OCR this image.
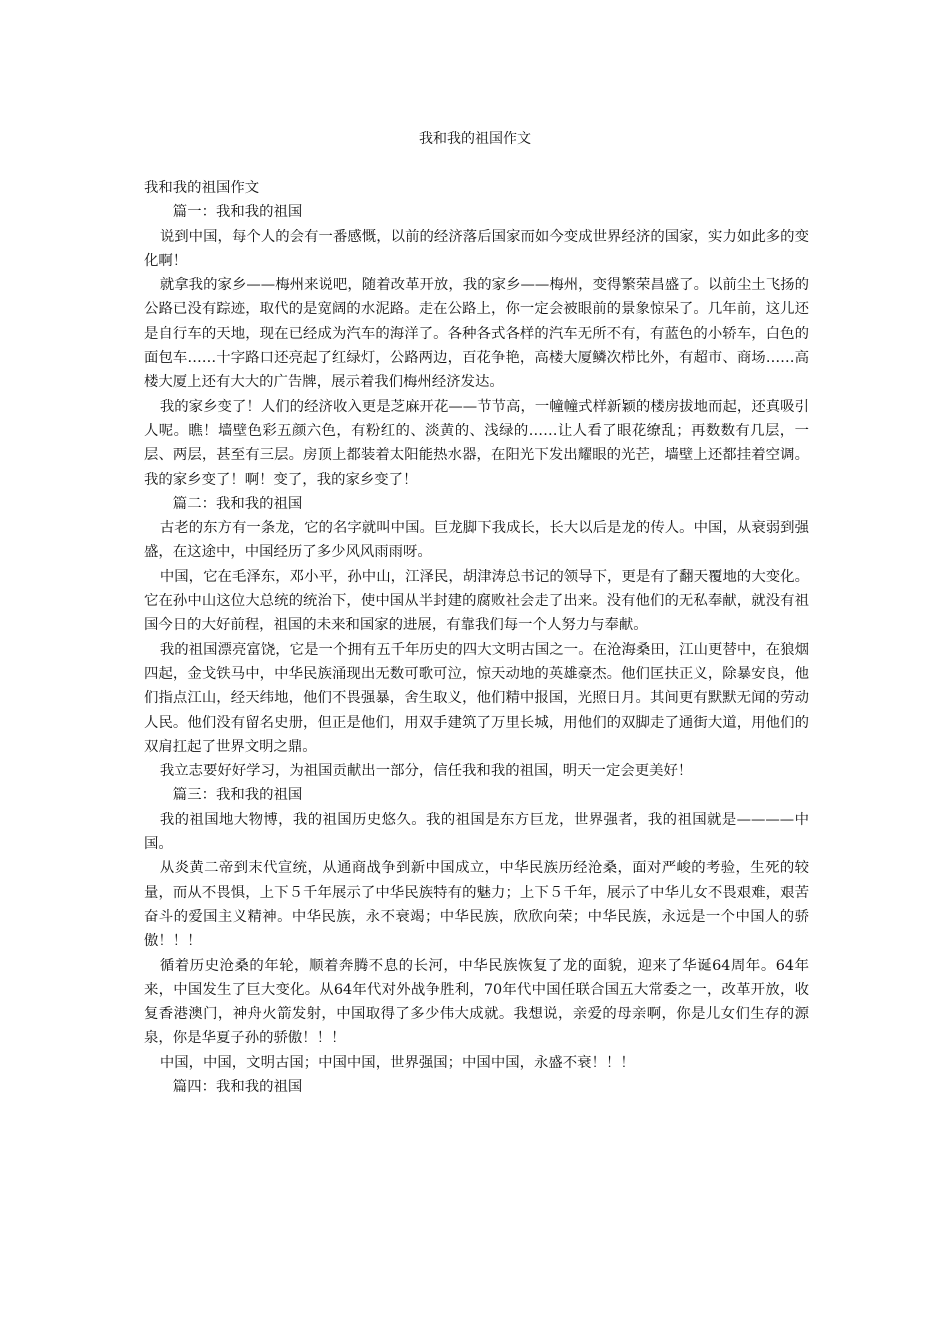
我和我的祖国作文

我和我的祖国作文

篇一：我和我的祖国

说到中国，每个人的会有一番感慨，以前的经济落后国家而如今变成世界经济的国家，实力如此多的变化啊！

就拿我的家乡——梅州来说吧，随着改革开放，我的家乡——梅州，变得繁荣昌盛了。以前尘土飞扬的公路已没有踪迹，取代的是宽阔的水泥路。走在公路上，你一定会被眼前的景象惊呆了。几年前，这儿还是自行车的天地，现在已经成为汽车的海洋了。各种各式各样的汽车无所不有，有蓝色的小轿车，白色的面包车……十字路口还亮起了红绿灯，公路两边，百花争艳，高楼大厦鳞次栉比外，有超市、商场……高楼大厦上还有大大的广告牌，展示着我们梅州经济发达。

我的家乡变了！人们的经济收入更是芝麻开花——节节高，一幢幢式样新颖的楼房拔地而起，还真吸引人呢。瞧！墙壁色彩五颜六色，有粉红的、淡黄的、浅绿的……让人看了眼花缭乱；再数数有几层，一层、两层，甚至有三层。房顶上都装着太阳能热水器，在阳光下发出耀眼的光芒，墙壁上还都挂着空调。我的家乡变了！啊！变了，我的家乡变了！

篇二：我和我的祖国

古老的东方有一条龙，它的名字就叫中国。巨龙脚下我成长，长大以后是龙的传人。中国，从衰弱到强盛，在这途中，中国经历了多少风风雨雨呀。

中国，它在毛泽东，邓小平，孙中山，江泽民，胡津涛总书记的领导下，更是有了翻天覆地的大变化。它在孙中山这位大总统的统治下，使中国从半封建的腐败社会走了出来。没有他们的无私奉献，就没有祖国今日的大好前程，祖国的未来和国家的进展，有靠我们每一个人努力与奉献。

我的祖国漂亮富饶，它是一个拥有五千年历史的四大文明古国之一。在沧海桑田，江山更替中，在狼烟四起，金戈铁马中，中华民族涌现出无数可歌可泣，惊天动地的英雄豪杰。他们匡扶正义，除暴安良，他们指点江山，经天纬地，他们不畏强暴，舍生取义，他们精中报国，光照日月。其间更有默默无闻的劳动人民。他们没有留名史册，但正是他们，用双手建筑了万里长城，用他们的双脚走了通街大道，用他们的双肩扛起了世界文明之鼎。

我立志要好好学习，为祖国贡献出一部分，信任我和我的祖国，明天一定会更美好！

篇三：我和我的祖国

我的祖国地大物博，我的祖国历史悠久。我的祖国是东方巨龙，世界强者，我的祖国就是————中国。

从炎黄二帝到末代宣统，从通商战争到新中国成立，中华民族历经沧桑，面对严峻的考验，生死的较量，而从不畏惧，上下５千年展示了中华民族特有的魅力；上下５千年，展示了中华儿女不畏艰难，艰苦奋斗的爱国主义精神。中华民族，永不衰竭；中华民族，欣欣向荣；中华民族，永远是一个中国人的骄傲！！！

循着历史沧桑的年轮，顺着奔腾不息的长河，中华民族恢复了龙的面貌，迎来了华诞64周年。64年来，中国发生了巨大变化。从64年代对外战争胜利，70年代中国任联合国五大常委之一，改革开放，收复香港澳门，神舟火箭发射，中国取得了多少伟大成就。我想说，亲爱的母亲啊，你是儿女们生存的源泉，你是华夏子孙的骄傲！！！

中国，中国，文明古国；中国中国，世界强国；中国中国，永盛不衰！！！

篇四：我和我的祖国
